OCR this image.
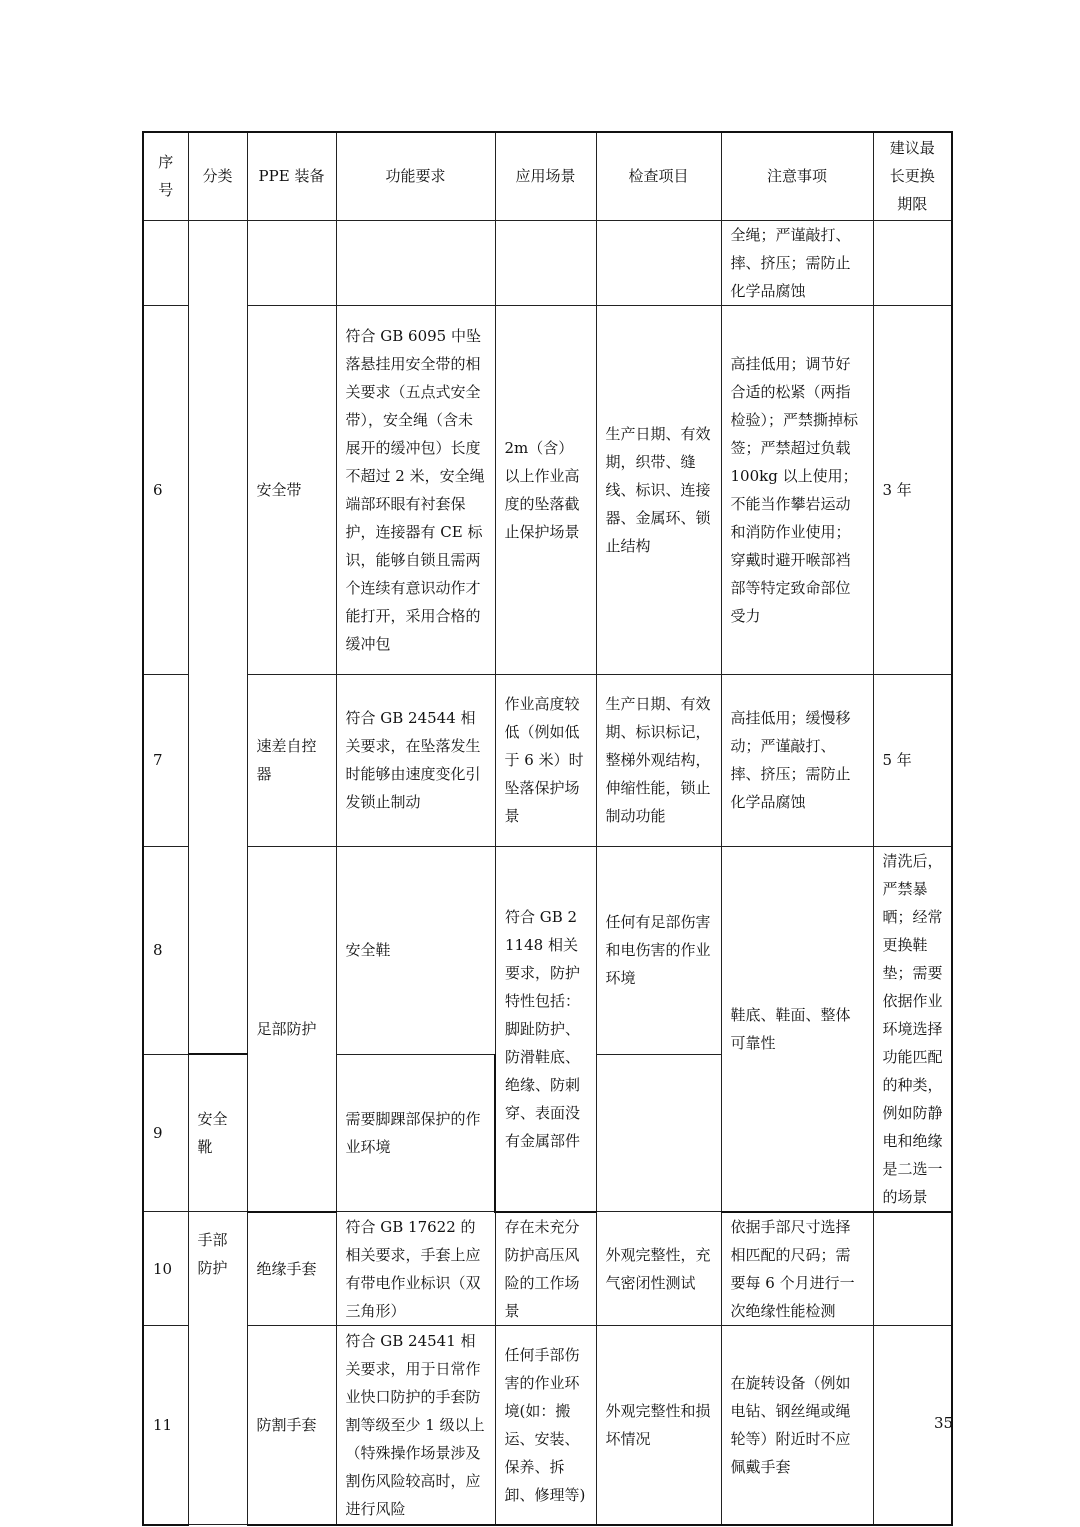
序号	分类	PPE 装备	功能要求	应用场景	检查项目	注意事项	建议最长更换期限	
						全绳；严谨敲打、摔、挤压；需防止化学品腐蚀		
6		安全带	符合 GB 6095 中坠落悬挂用安全带的相关要求（五点式安全带），安全绳（含未展开的缓冲包）长度不超过 2 米，安全绳端部环眼有衬套保护，连接器有 CE 标识，能够自锁且需两个连续有意识动作才能打开，采用合格的缓冲包	2m（含）以上作业高度的坠落截止保护场景	生产日期、有效期，织带、缝线、标识、连接器、金属环、锁止结构	高挂低用；调节好合适的松紧（两指检验）；严禁撕掉标签；严禁超过负载 100kg 以上使用；不能当作攀岩运动和消防作业使用；穿戴时避开喉部裆部等特定致命部位受力	3 年	
7		速差自控器	符合 GB 24544 相关要求，在坠落发生时能够由速度变化引发锁止制动	作业高度较低（例如低于 6 米）时坠落保护场景	生产日期、有效期、标识标记，整梯外观结构，伸缩性能，锁止制动功能	高挂低用；缓慢移动；严谨敲打、摔、挤压；需防止化学品腐蚀	5 年	
8		足部防护	安全鞋	符合 GB 21148 相关要求，防护特性包括：脚趾防护、防滑鞋底、绝缘、防刺穿、表面没有金属部件	任何有足部伤害和电伤害的作业环境	鞋底、鞋面、整体可靠性	清洗后，严禁暴晒；经常更换鞋垫；需要依据作业环境选择功能匹配的种类，例如防静电和绝缘是二选一的场景	
9	安全靴		需要脚踝部保护的作业环境					
10	手部防护	绝缘手套	符合 GB 17622 的相关要求，手套上应有带电作业标识（双三角形）	存在未充分防护高压风险的工作场景	外观完整性，充气密闭性测试	依据手部尺寸选择相匹配的尺码；需要每 6 个月进行一次绝缘性能检测		
11		防割手套	符合 GB 24541 相关要求，用于日常作业快口防护的手套防割等级至少 1 级以上（特殊操作场景涉及割伤风险较高时，应进行风险	任何手部伤害的作业环境(如：搬运、安装、保养、拆卸、修理等)	外观完整性和损坏情况	在旋转设备（例如电钻、钢丝绳或绳轮等）附近时不应佩戴手套		
35
